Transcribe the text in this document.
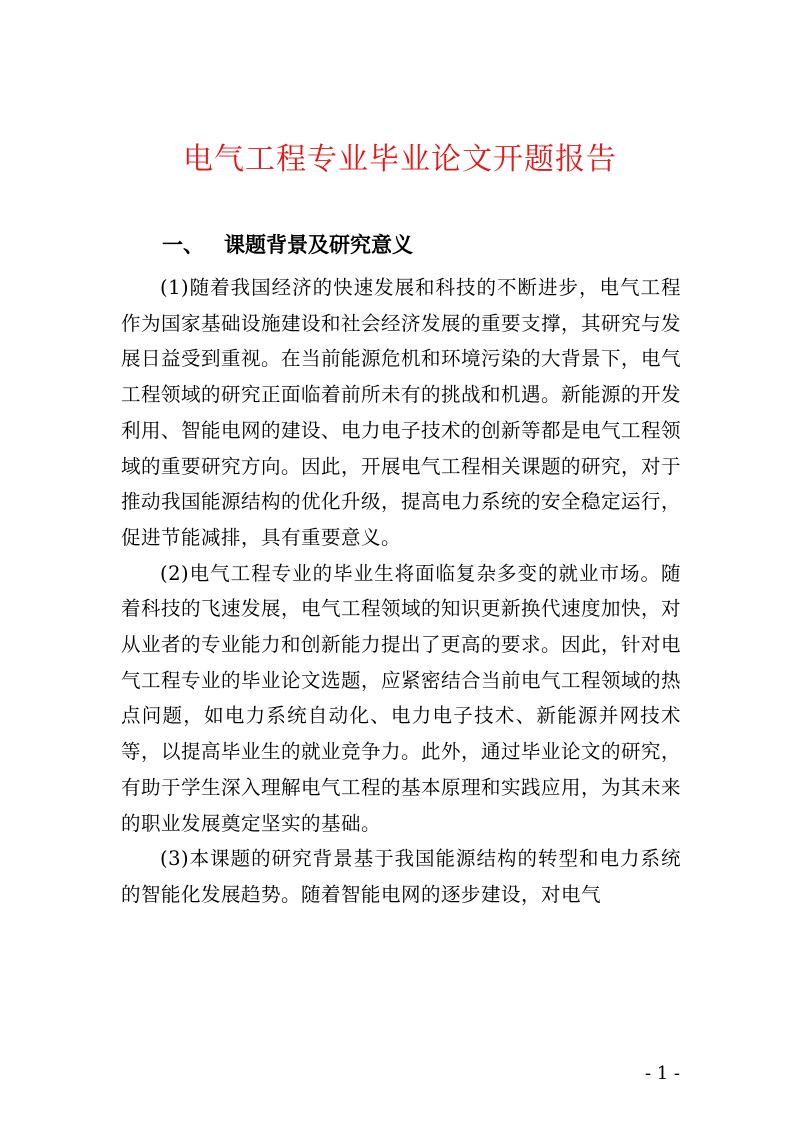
电气工程专业毕业论文开题报告
一、 课题背景及研究意义

(1)随着我国经济的快速发展和科技的不断进步，电气工程作为国家基础设施建设和社会经济发展的重要支撑，其研究与发展日益受到重视。在当前能源危机和环境污染的大背景下，电气工程领域的研究正面临着前所未有的挑战和机遇。新能源的开发利用、智能电网的建设、电力电子技术的创新等都是电气工程领域的重要研究方向。因此，开展电气工程相关课题的研究，对于推动我国能源结构的优化升级，提高电力系统的安全稳定运行，促进节能减排，具有重要意义。

(2)电气工程专业的毕业生将面临复杂多变的就业市场。随着科技的飞速发展，电气工程领域的知识更新换代速度加快，对从业者的专业能力和创新能力提出了更高的要求。因此，针对电气工程专业的毕业论文选题，应紧密结合当前电气工程领域的热点问题，如电力系统自动化、电力电子技术、新能源并网技术等，以提高毕业生的就业竞争力。此外，通过毕业论文的研究，有助于学生深入理解电气工程的基本原理和实践应用，为其未来的职业发展奠定坚实的基础。

(3)本课题的研究背景基于我国能源结构的转型和电力系统的智能化发展趋势。随着智能电网的逐步建设，对电气

- 1 -
